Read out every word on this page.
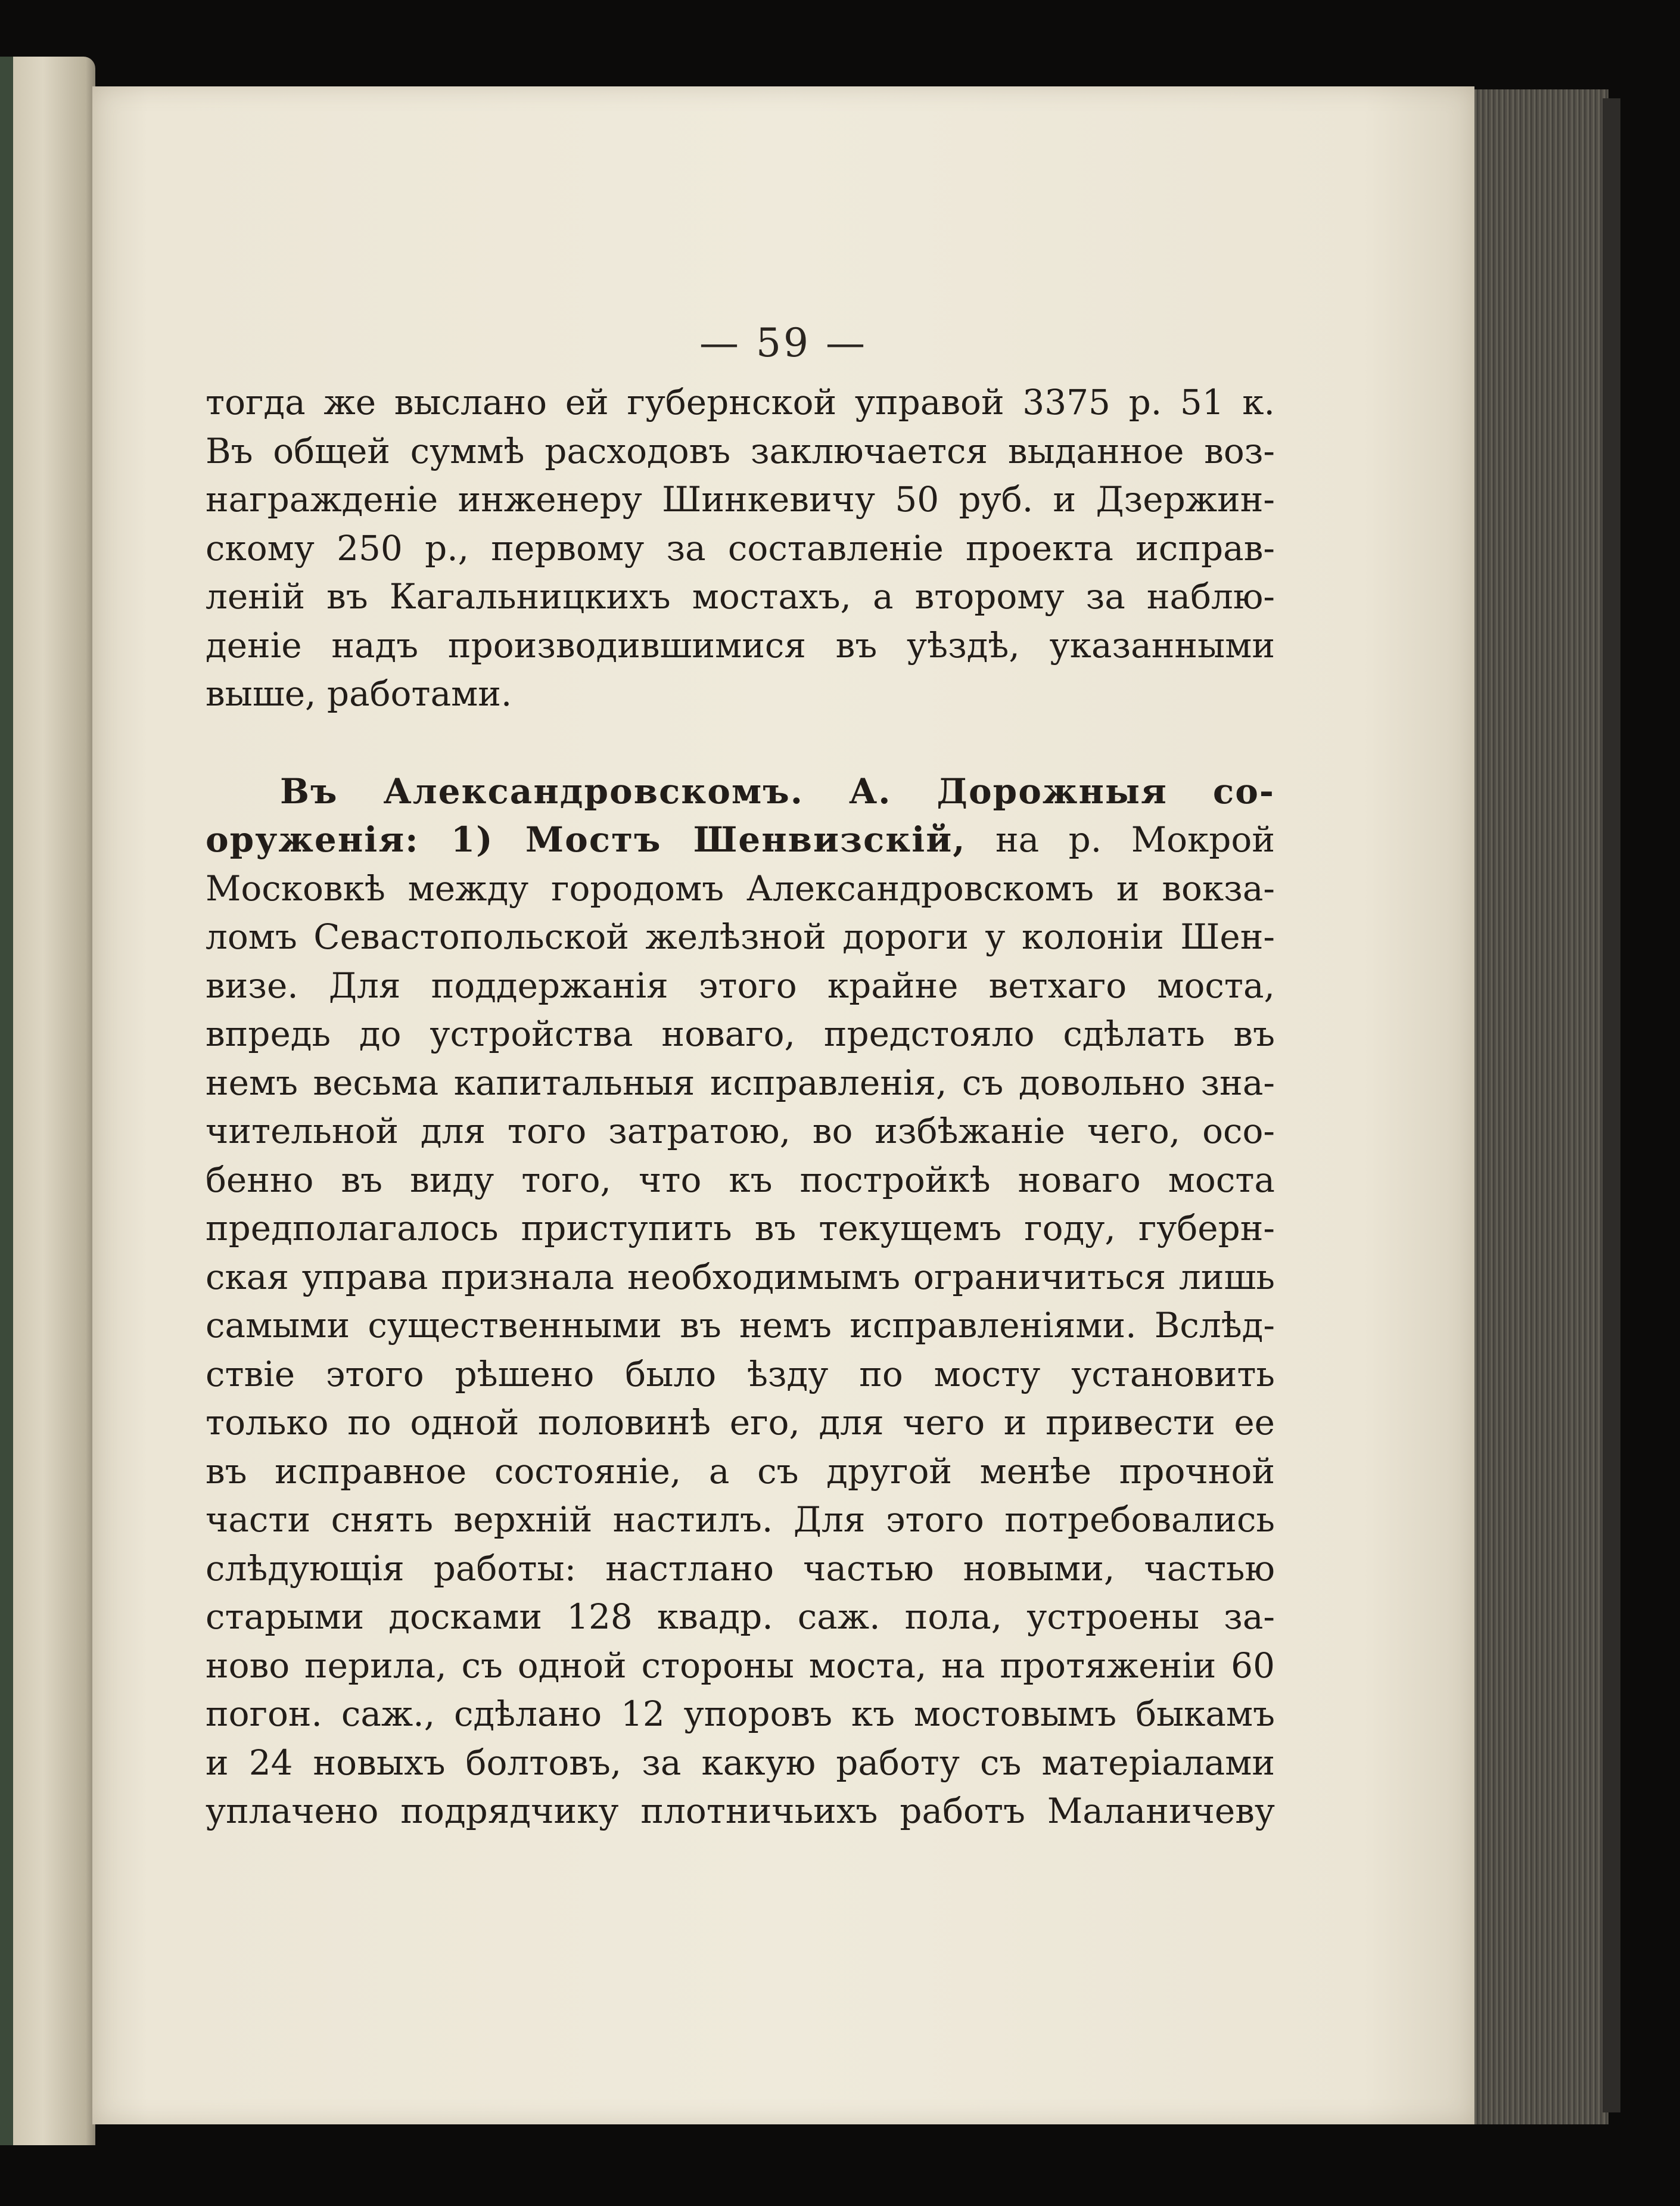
— 59 —

тогда же выслано ей губернской управой 3375 р. 51 к.

Въ общей суммѣ расходовъ заключается выданное воз-

награжденіе инженеру Шинкевичу 50 руб. и Дзержин-

скому 250 р., первому за составленіе проекта исправ-

леній въ Кагальницкихъ мостахъ, а второму за наблю-

деніе надъ производившимися въ уѣздѣ, указанными

выше, работами.

Въ Александровскомъ. А. Дорожныя со-

оруженія: 1) Мостъ Шенвизскій, на р. Мокрой

Московкѣ между городомъ Александровскомъ и вокза-

ломъ Севастопольской желѣзной дороги у колоніи Шен-

визе. Для поддержанія этого крайне ветхаго моста,

впредь до устройства новаго, предстояло сдѣлать въ

немъ весьма капитальныя исправленія, съ довольно зна-

чительной для того затратою, во избѣжаніе чего, осо-

бенно въ виду того, что къ постройкѣ новаго моста

предполагалось приступить въ текущемъ году, губерн-

ская управа признала необходимымъ ограничиться лишь

самыми существенными въ немъ исправленіями. Вслѣд-

ствіе этого рѣшено было ѣзду по мосту установить

только по одной половинѣ его, для чего и привести ее

въ исправное состояніе, а съ другой менѣе прочной

части снять верхній настилъ. Для этого потребовались

слѣдующія работы: настлано частью новыми, частью

старыми досками 128 квадр. саж. пола, устроены за-

ново перила, съ одной стороны моста, на протяженіи 60

погон. саж., сдѣлано 12 упоровъ къ мостовымъ быкамъ

и 24 новыхъ болтовъ, за какую работу съ матеріалами

уплачено подрядчику плотничьихъ работъ Маланичеву
